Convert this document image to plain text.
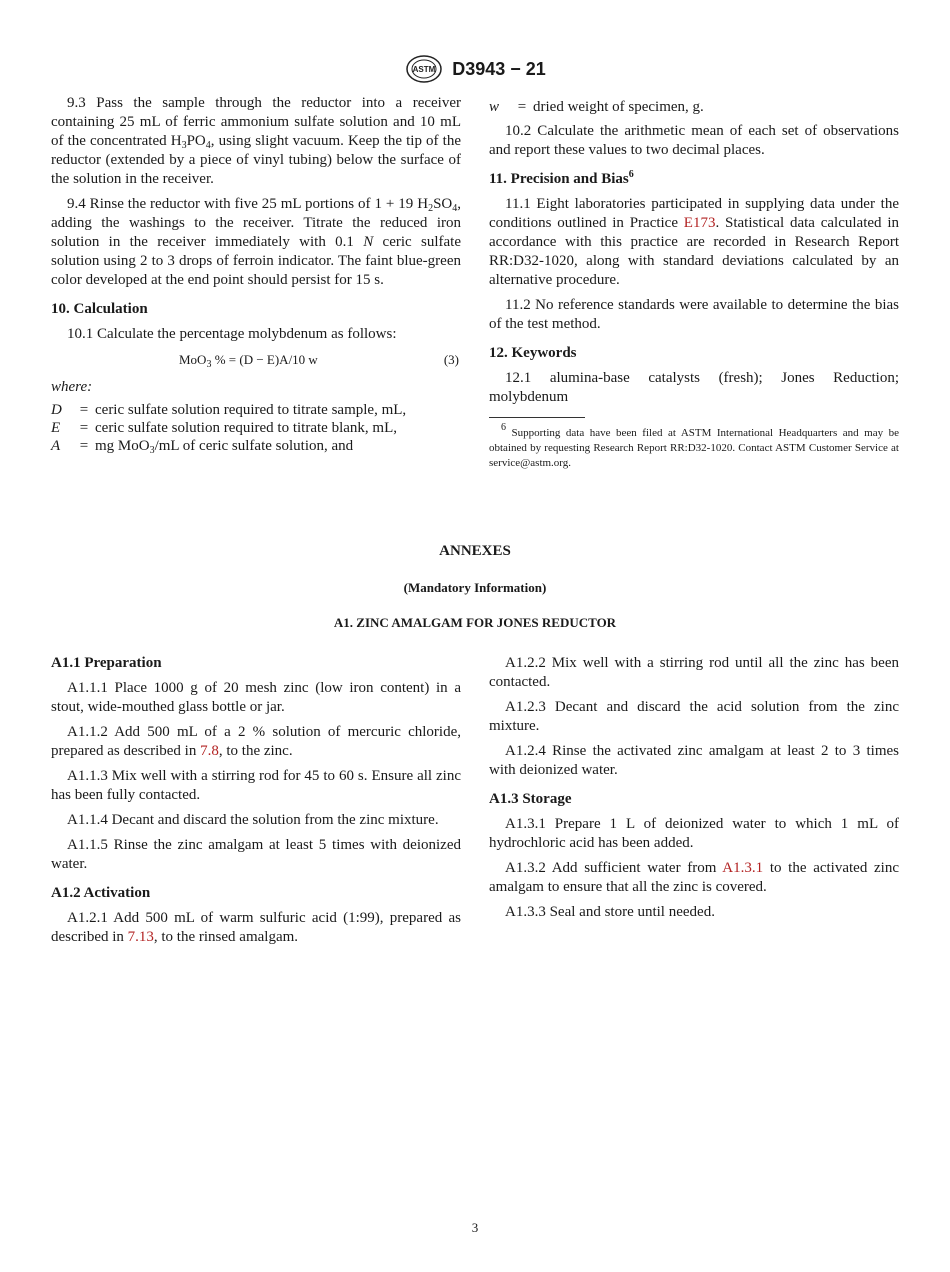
ASTM D3943 − 21

9.3 Pass the sample through the reductor into a receiver containing 25 mL of ferric ammonium sulfate solution and 10 mL of the concentrated $H_3PO_4$, using slight vacuum. Keep the tip of the reductor (extended by a piece of vinyl tubing) below the surface of the solution in the receiver.

9.4 Rinse the reductor with five 25 mL portions of 1 + 19 $H_2SO_4$, adding the washings to the receiver. Titrate the reduced iron solution in the receiver immediately with 0.1 N ceric sulfate solution using 2 to 3 drops of ferroin indicator. The faint blue-green color developed at the end point should persist for 15 s.

10. Calculation

10.1 Calculate the percentage molybdenum as follows:

MoO$_3$ % = (D − E)A/10 w	(3)
where:
D	= ceric sulfate solution required to titrate sample, mL,
E	= ceric sulfate solution required to titrate blank, mL,
A	= mg MoO$_3$/mL of ceric sulfate solution, and
w	= dried weight of specimen, g.

10.2 Calculate the arithmetic mean of each set of observations and report these values to two decimal places.

11. Precision and Bias$^6$

11.1 Eight laboratories participated in supplying data under the conditions outlined in Practice E173. Statistical data calculated in accordance with this practice are recorded in Research Report RR:D32-1020, along with standard deviations calculated by an alternative procedure.

11.2 No reference standards were available to determine the bias of the test method.

12. Keywords

12.1 alumina-base catalysts (fresh); Jones Reduction; molybdenum

$^6$ Supporting data have been filed at ASTM International Headquarters and may be obtained by requesting Research Report RR:D32-1020. Contact ASTM Customer Service at service@astm.org.
ANNEXES
(Mandatory Information)
A1. ZINC AMALGAM FOR JONES REDUCTOR
A1.1 Preparation

A1.1.1 Place 1000 g of 20 mesh zinc (low iron content) in a stout, wide-mouthed glass bottle or jar.

A1.1.2 Add 500 mL of a 2 % solution of mercuric chloride, prepared as described in 7.8, to the zinc.

A1.1.3 Mix well with a stirring rod for 45 to 60 s. Ensure all zinc has been fully contacted.

A1.1.4 Decant and discard the solution from the zinc mixture.

A1.1.5 Rinse the zinc amalgam at least 5 times with deionized water.

A1.2 Activation

A1.2.1 Add 500 mL of warm sulfuric acid (1:99), prepared as described in 7.13, to the rinsed amalgam.

A1.2.2 Mix well with a stirring rod until all the zinc has been contacted.

A1.2.3 Decant and discard the acid solution from the zinc mixture.

A1.2.4 Rinse the activated zinc amalgam at least 2 to 3 times with deionized water.

A1.3 Storage

A1.3.1 Prepare 1 L of deionized water to which 1 mL of hydrochloric acid has been added.

A1.3.2 Add sufficient water from A1.3.1 to the activated zinc amalgam to ensure that all the zinc is covered.

A1.3.3 Seal and store until needed.

3
